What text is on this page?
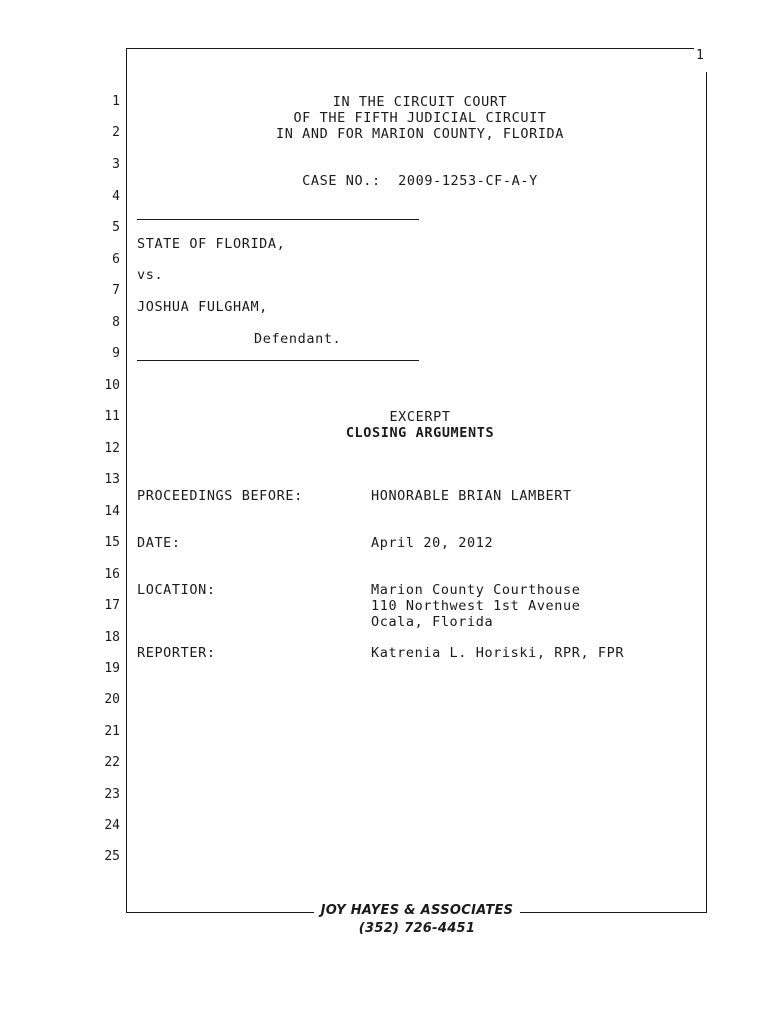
1
1
2
3
4
5
6
7
8
9
10
11
12
13
14
15
16
17
18
19
20
21
22
23
24
25
IN THE CIRCUIT COURT
OF THE FIFTH JUDICIAL CIRCUIT
IN AND FOR MARION COUNTY, FLORIDA
CASE NO.:  2009-1253-CF-A-Y
STATE OF FLORIDA,
vs.
JOSHUA FULGHAM,
Defendant.
EXCERPT
CLOSING ARGUMENTS
PROCEEDINGS BEFORE:	HONORABLE BRIAN LAMBERT
DATE:	April 20, 2012
LOCATION:	Marion County Courthouse
110 Northwest 1st Avenue
Ocala, Florida
REPORTER:	Katrenia L. Horiski, RPR, FPR
JOY HAYES & ASSOCIATES
(352) 726-4451
